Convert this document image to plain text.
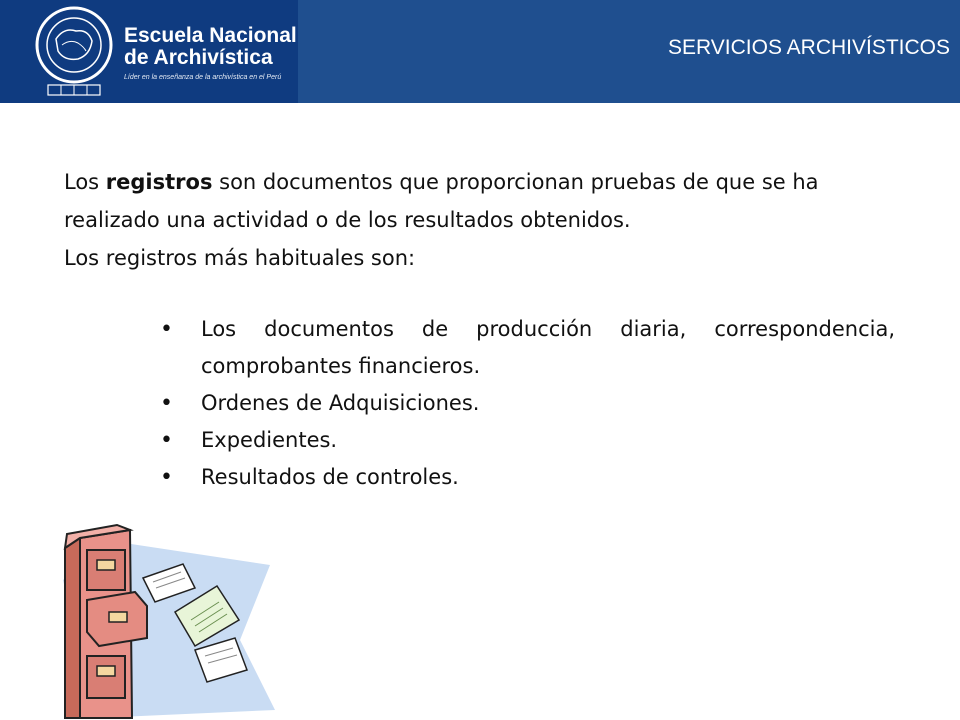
Escuela Nacional
de Archivística
Líder en la enseñanza de la archivística en el Perú
SERVICIOS ARCHIVÍSTICOS
Los registros son documentos que proporcionan pruebas de que se ha realizado una actividad o de los resultados obtenidos.
Los registros más habituales son:
•	Los documentos de producción diaria, correspondencia, comprobantes financieros.
•	Ordenes de Adquisiciones.
•	Expedientes.
•	Resultados de controles.
